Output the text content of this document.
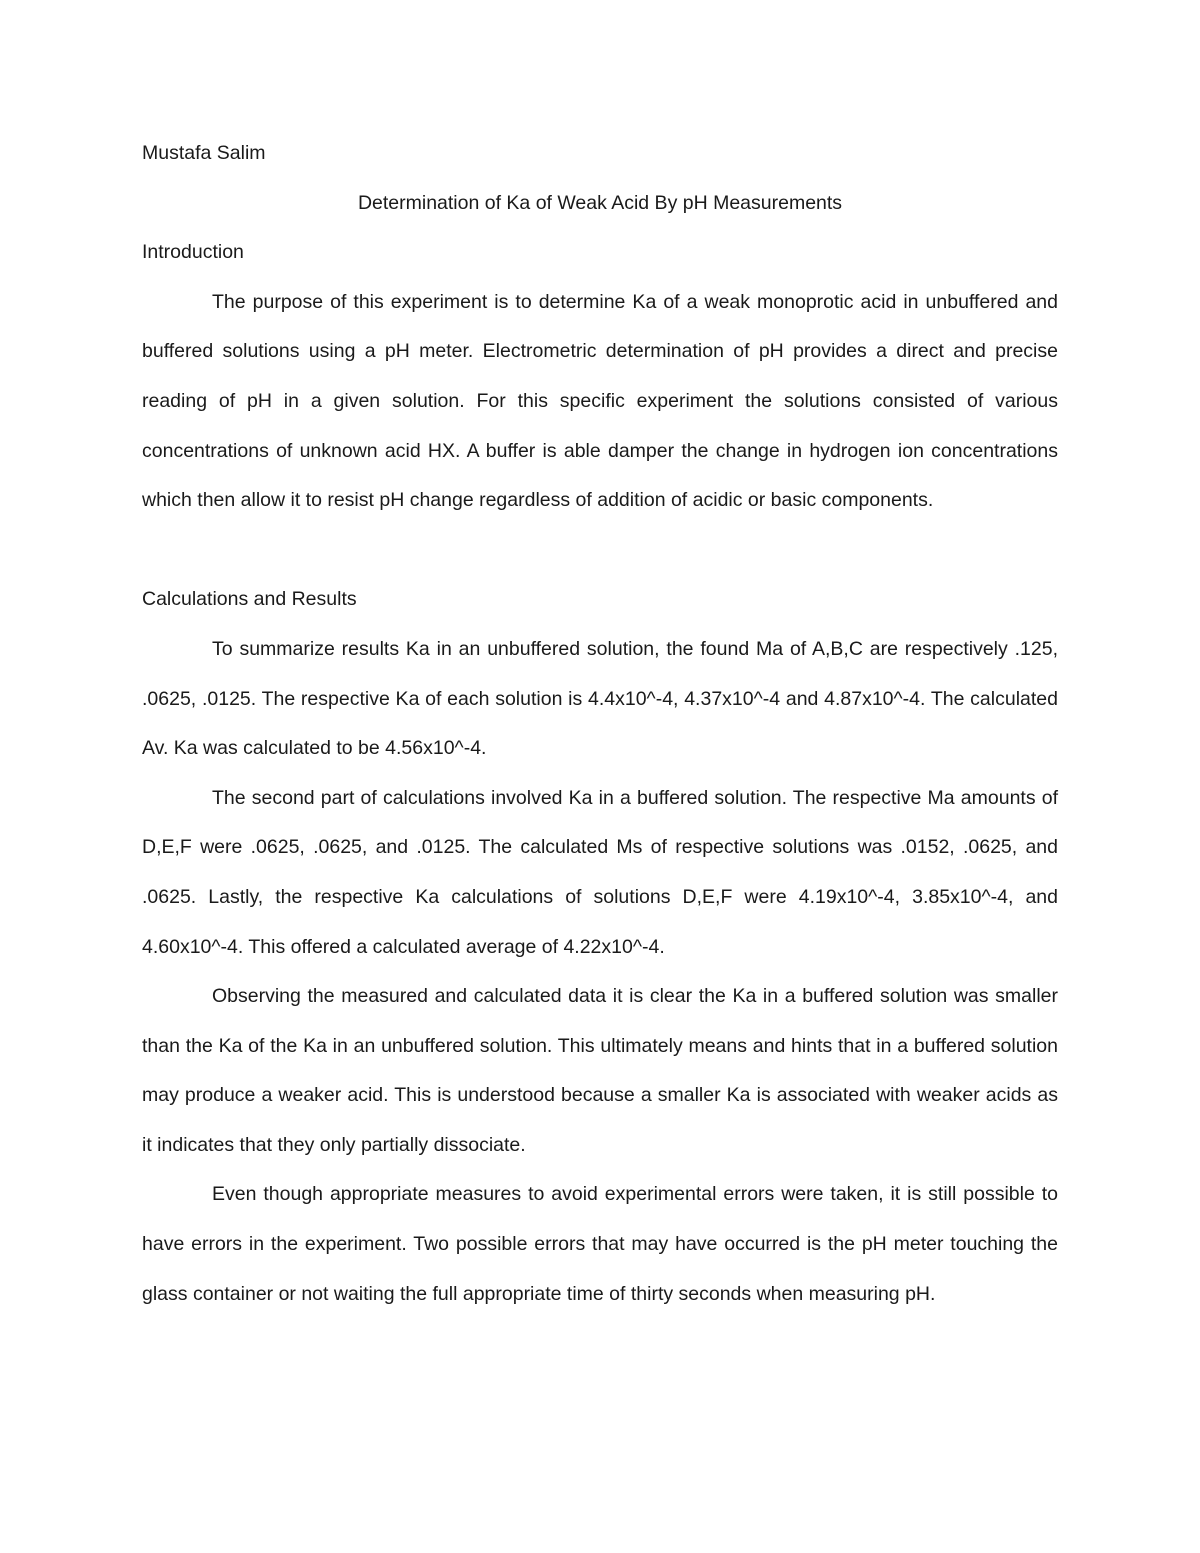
Mustafa Salim

Determination of Ka of Weak Acid By pH Measurements

Introduction

The purpose of this experiment is to determine Ka of a weak monoprotic acid in unbuffered and buffered solutions using a pH meter. Electrometric determination of pH provides a direct and precise reading of pH in a given solution. For this specific experiment the solutions consisted of various concentrations of unknown acid HX. A buffer is able damper the change in hydrogen ion concentrations which then allow it to resist pH change regardless of addition of acidic or basic components.

Calculations and Results

To summarize results Ka in an unbuffered solution, the found Ma of A,B,C are respectively .125, .0625, .0125. The respective Ka of each solution is 4.4x10^-4, 4.37x10^-4 and 4.87x10^-4. The calculated Av. Ka was calculated to be 4.56x10^-4.

The second part of calculations involved Ka in a buffered solution. The respective Ma amounts of D,E,F were .0625, .0625, and .0125. The calculated Ms of respective solutions was .0152, .0625, and .0625. Lastly, the respective Ka calculations of solutions D,E,F were 4.19x10^-4, 3.85x10^-4, and 4.60x10^-4. This offered a calculated average of 4.22x10^-4.

Observing the measured and calculated data it is clear the Ka in a buffered solution was smaller than the Ka of the Ka in an unbuffered solution. This ultimately means and hints that in a buffered solution may produce a weaker acid. This is understood because a smaller Ka is associated with weaker acids as it indicates that they only partially dissociate.

Even though appropriate measures to avoid experimental errors were taken, it is still possible to have errors in the experiment. Two possible errors that may have occurred is the pH meter touching the glass container or not waiting the full appropriate time of thirty seconds when measuring pH.
